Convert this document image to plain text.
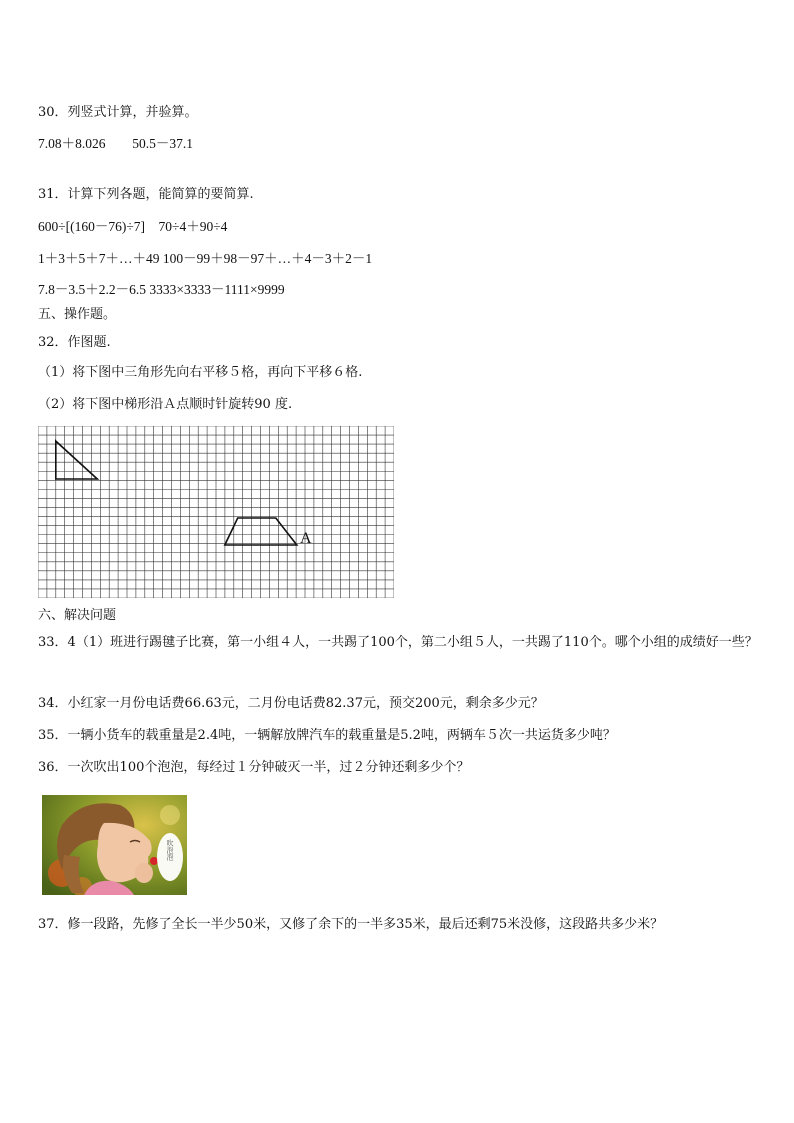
30．列竖式计算，并验算。

7.08＋8.026 50.5－37.1

31．计算下列各题，能简算的要简算.

600÷[(160－76)÷7]　70÷4＋90÷4

1＋3＋5＋7＋…＋49 100－99＋98－97＋…＋4－3＋2－1

7.8－3.5＋2.2－6.5 3333×3333－1111×9999

五、操作题。

32．作图题.

（1）将下图中三角形先向右平移５格，再向下平移６格.

（2）将下图中梯形沿Ａ点顺时针旋转90 度.

A

六、解决问题

33．4（1）班进行踢毽子比赛，第一小组４人，一共踢了100个，第二小组５人，一共踢了110个。哪个小组的成绩好一些？

34．小红家一月份电话费66.63元，二月份电话费82.37元，预交200元，剩余多少元？

35．一辆小货车的载重量是2.4吨，一辆解放牌汽车的载重量是5.2吨，两辆车５次一共运货多少吨？

36．一次吹出100个泡泡，每经过１分钟破灭一半，过２分钟还剩多少个？

吹泡泡

37．修一段路，先修了全长一半少50米，又修了余下的一半多35米，最后还剩75米没修，这段路共多少米？
